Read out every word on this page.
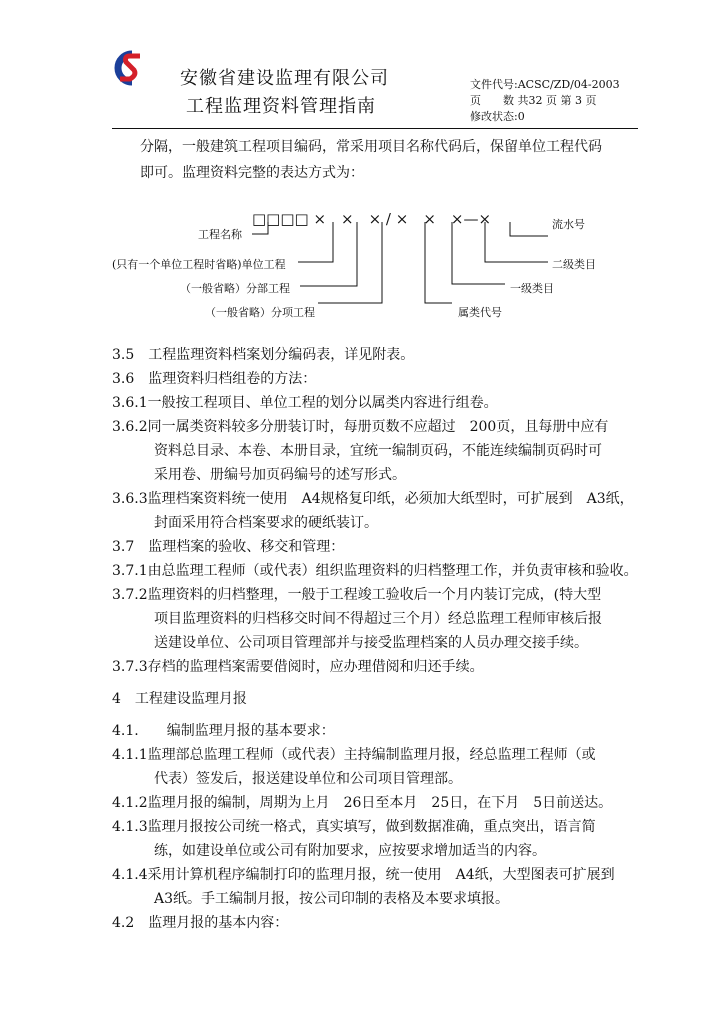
安徽省建设监理有限公司
工程监理资料管理指南
文件代号:ACSC/ZD/04-2003
页　　数 共32 页 第 3 页
修改状态:0
分隔，一般建筑工程项目编码，常采用项目名称代码后，保留单位工程代码
即可。监理资料完整的表达方式为：
□□□□ ×　×　× / ×　×　×—×	流水号
工程名称
(只有一个单位工程时省略)单位工程	二级类目
（一般省略）分部工程	一级类目
（一般省略）分项工程	属类代号
3.5　工程监理资料档案划分编码表，详见附表。
3.6　监理资料归档组卷的方法：
3.6.1一般按工程项目、单位工程的划分以属类内容进行组卷。
3.6.2同一属类资料较多分册装订时，每册页数不应超过　200页，且每册中应有
资料总目录、本卷、本册目录，宜统一编制页码，不能连续编制页码时可
采用卷、册编号加页码编号的述写形式。
3.6.3监理档案资料统一使用　A4规格复印纸，必须加大纸型时，可扩展到　A3纸，
封面采用符合档案要求的硬纸装订。
3.7　监理档案的验收、移交和管理：
3.7.1由总监理工程师（或代表）组织监理资料的归档整理工作，并负责审核和验收。
3.7.2监理资料的归档整理，一般于工程竣工验收后一个月内装订完成，(特大型
项目监理资料的归档移交时间不得超过三个月）经总监理工程师审核后报
送建设单位、公司项目管理部并与接受监理档案的人员办理交接手续。
3.7.3存档的监理档案需要借阅时，应办理借阅和归还手续。
4　工程建设监理月报
4.1.　　编制监理月报的基本要求：
4.1.1监理部总监理工程师（或代表）主持编制监理月报，经总监理工程师（或
代表）签发后，报送建设单位和公司项目管理部。
4.1.2监理月报的编制，周期为上月　26日至本月　25日，在下月　5日前送达。
4.1.3监理月报按公司统一格式，真实填写，做到数据准确，重点突出，语言简
练，如建设单位或公司有附加要求，应按要求增加适当的内容。
4.1.4采用计算机程序编制打印的监理月报，统一使用　A4纸，大型图表可扩展到
A3纸。手工编制月报，按公司印制的表格及本要求填报。
4.2　监理月报的基本内容：
